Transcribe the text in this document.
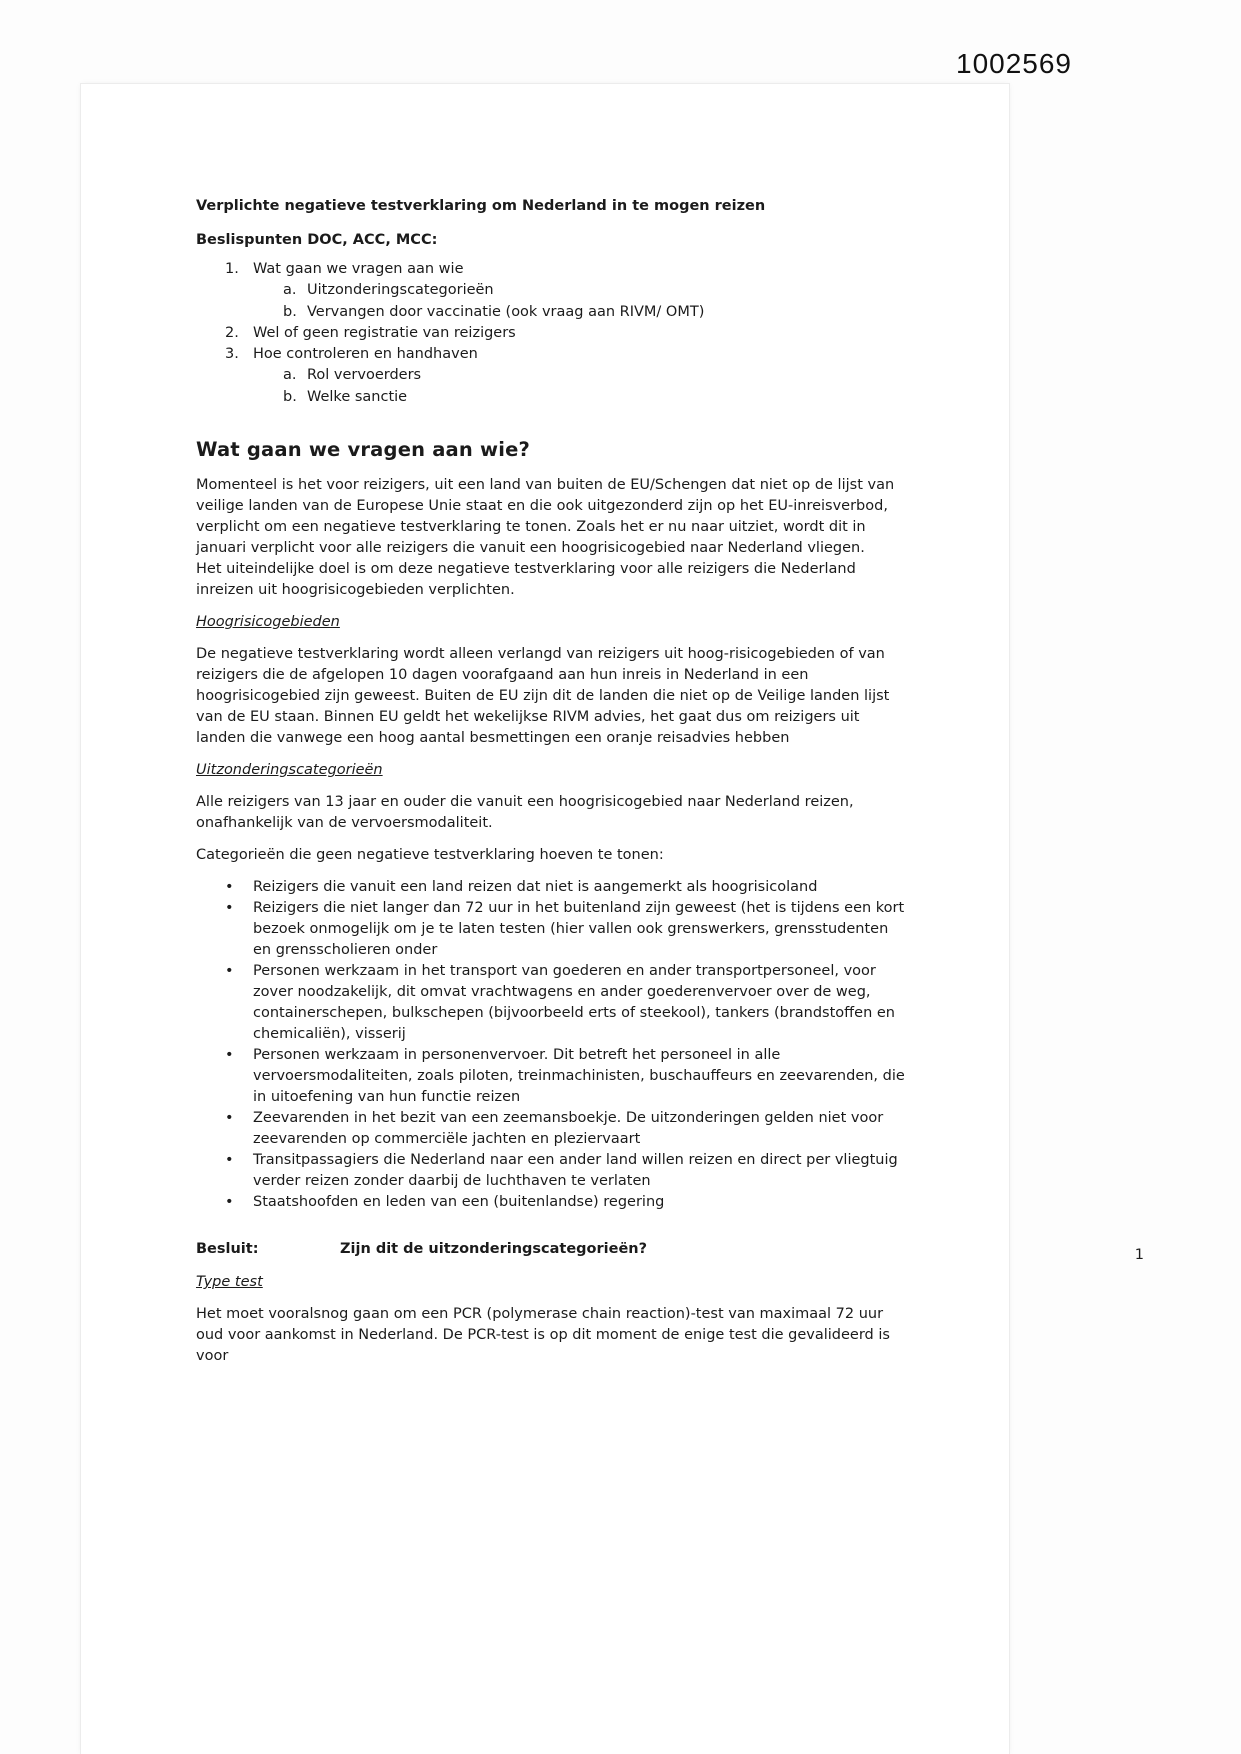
1002569
Verplichte negatieve testverklaring om Nederland in te mogen reizen
Beslispunten DOC, ACC, MCC:
1. Wat gaan we vragen aan wie
a. Uitzonderingscategorieën
b. Vervangen door vaccinatie (ook vraag aan RIVM/ OMT)
2. Wel of geen registratie van reizigers
3. Hoe controleren en handhaven
a. Rol vervoerders
b. Welke sanctie
Wat gaan we vragen aan wie?
Momenteel is het voor reizigers, uit een land van buiten de EU/Schengen dat niet op de lijst van veilige landen van de Europese Unie staat en die ook uitgezonderd zijn op het EU-inreisverbod, verplicht om een negatieve testverklaring te tonen. Zoals het er nu naar uitziet, wordt dit in januari verplicht voor alle reizigers die vanuit een hoogrisicogebied naar Nederland vliegen.
Het uiteindelijke doel is om deze negatieve testverklaring voor alle reizigers die Nederland inreizen uit hoogrisicogebieden verplichten.
Hoogrisicogebieden
De negatieve testverklaring wordt alleen verlangd van reizigers uit hoog-risicogebieden of van reizigers die de afgelopen 10 dagen voorafgaand aan hun inreis in Nederland in een hoogrisicogebied zijn geweest. Buiten de EU zijn dit de landen die niet op de Veilige landen lijst van de EU staan. Binnen EU geldt het wekelijkse RIVM advies, het gaat dus om reizigers uit landen die vanwege een hoog aantal besmettingen een oranje reisadvies hebben
Uitzonderingscategorieën
Alle reizigers van 13 jaar en ouder die vanuit een hoogrisicogebied naar Nederland reizen, onafhankelijk van de vervoersmodaliteit.
Categorieën die geen negatieve testverklaring hoeven te tonen:
•	Reizigers die vanuit een land reizen dat niet is aangemerkt als hoogrisicoland
•	Reizigers die niet langer dan 72 uur in het buitenland zijn geweest (het is tijdens een kort bezoek onmogelijk om je te laten testen (hier vallen ook grenswerkers, grensstudenten en grensscholieren onder
•	Personen werkzaam in het transport van goederen en ander transportpersoneel, voor zover noodzakelijk, dit omvat vrachtwagens en ander goederenvervoer over de weg, containerschepen, bulkschepen (bijvoorbeeld erts of steekool), tankers (brandstoffen en chemicaliën), visserij
•	Personen werkzaam in personenvervoer. Dit betreft het personeel in alle vervoersmodaliteiten, zoals piloten, treinmachinisten, buschauffeurs en zeevarenden, die in uitoefening van hun functie reizen
•	Zeevarenden in het bezit van een zeemansboekje. De uitzonderingen gelden niet voor zeevarenden op commerciële jachten en pleziervaart
•	Transitpassagiers die Nederland naar een ander land willen reizen en direct per vliegtuig verder reizen zonder daarbij de luchthaven te verlaten
•	Staatshoofden en leden van een (buitenlandse) regering
Besluit:	Zijn dit de uitzonderingscategorieën?
Type test
Het moet vooralsnog gaan om een PCR (polymerase chain reaction)-test van maximaal 72 uur oud voor aankomst in Nederland. De PCR-test is op dit moment de enige test die gevalideerd is voor
1
